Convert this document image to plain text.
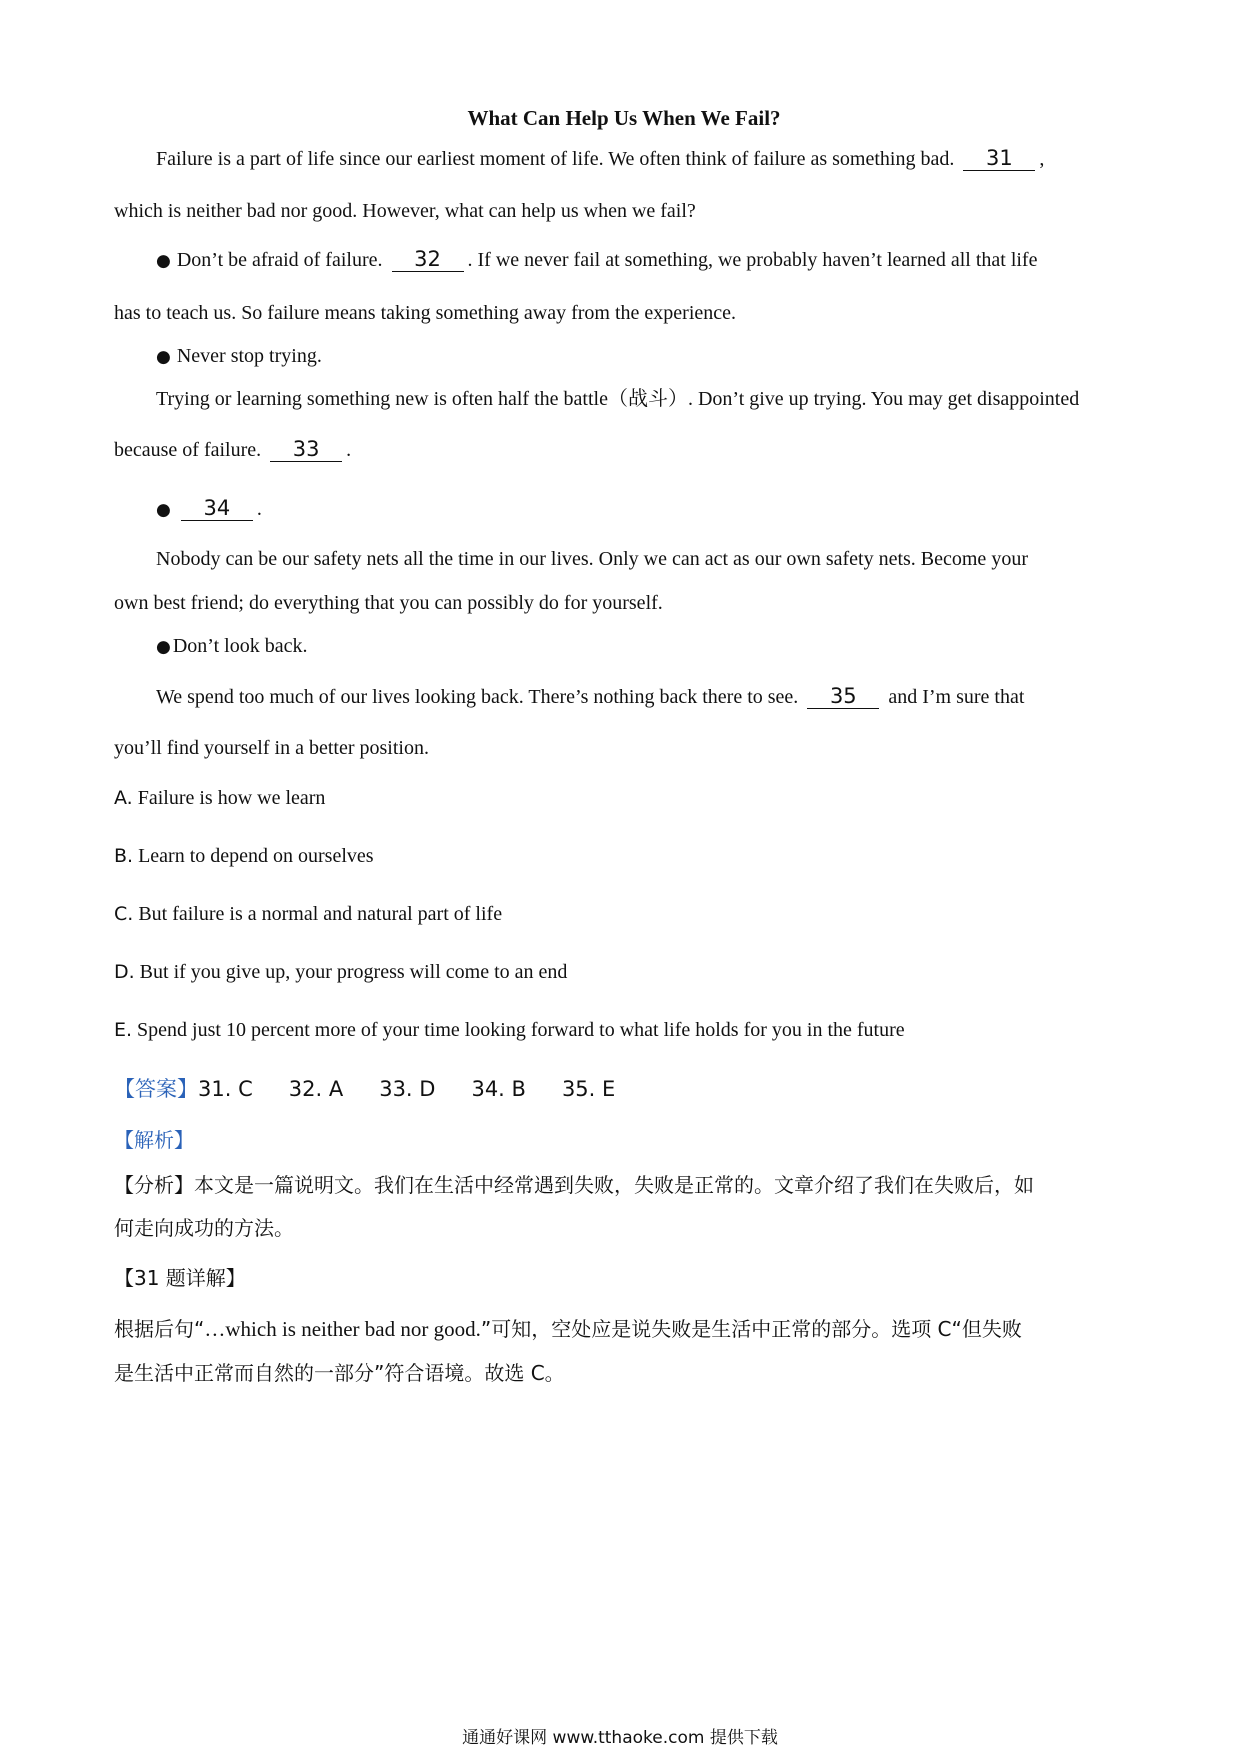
What Can Help Us When We Fail?
Failure is a part of life since our earliest moment of life. We often think of failure as something bad. 31 ,
which is neither bad nor good. However, what can help us when we fail?
● Don’t be afraid of failure. 32 . If we never fail at something, we probably haven’t learned all that life
has to teach us. So failure means taking something away from the experience.
● Never stop trying.
Trying or learning something new is often half the battle（战斗）. Don’t give up trying. You may get disappointed
because of failure. 33 .
● 34 .
Nobody can be our safety nets all the time in our lives. Only we can act as our own safety nets. Become your
own best friend; do everything that you can possibly do for yourself.
● Don’t look back.
We spend too much of our lives looking back. There’s nothing back there to see. 35 and I’m sure that
you’ll find yourself in a better position.
A. Failure is how we learn
B. Learn to depend on ourselves
C. But failure is a normal and natural part of life
D. But if you give up, your progress will come to an end
E. Spend just 10 percent more of your time looking forward to what life holds for you in the future
【答案】31. C 32. A 33. D 34. B 35. E
【解析】
【分析】本文是一篇说明文。我们在生活中经常遇到失败，失败是正常的。文章介绍了我们在失败后，如
何走向成功的方法。
【31 题详解】
根据后句“…which is neither bad nor good.”可知，空处应是说失败是生活中正常的部分。选项 C“但失败
是生活中正常而自然的一部分”符合语境。故选 C。
通通好课网 www.tthaoke.com 提供下载
